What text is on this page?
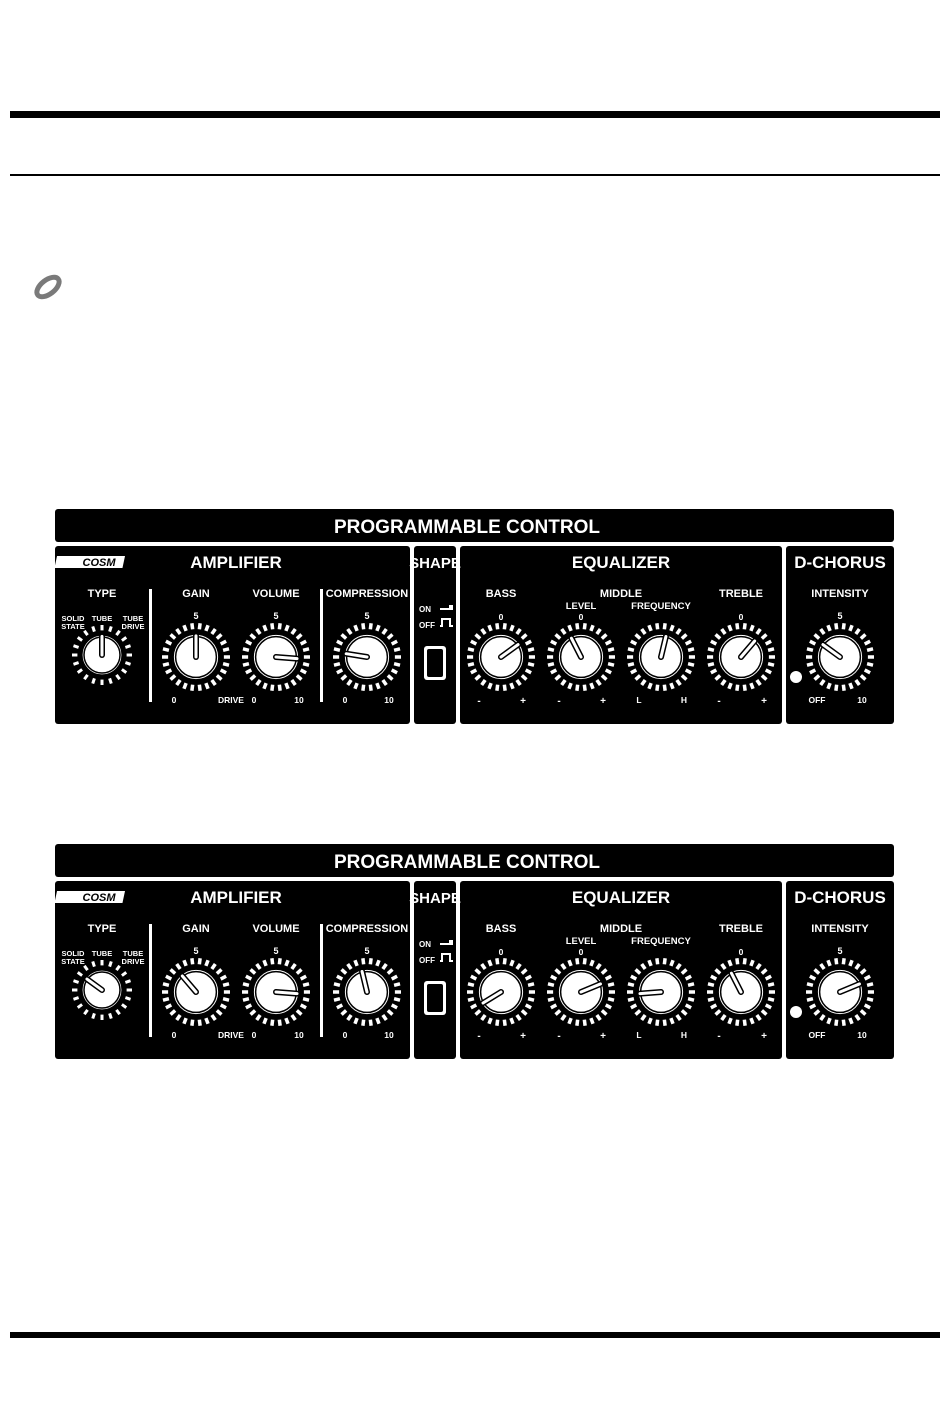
PROGRAMMABLE CONTROL
COSM	AMPLIFIER	SHAPE	EQUALIZER	D-CHORUS
TYPE
SOLID
STATE
TUBE TUBE
DRIVE
GAIN	VOLUME COMPRESSION
5	5	5
0	DRIVE 0	10	0	10
ON
OFF
BASS	MIDDLE
LEVEL	FREQUENCY
TREBLE
0	0	0
-	+	-	+	L	H	-	+
INTENSITY
5
OFF	10
PROGRAMMABLE CONTROL
COSM	AMPLIFIER	SHAPE	EQUALIZER	D-CHORUS
TYPE
SOLID
STATE
TUBE TUBE
DRIVE
GAIN	VOLUME COMPRESSION
5	5	5
0	DRIVE 0	10	0	10
ON
OFF
BASS	MIDDLE
LEVEL	FREQUENCY
TREBLE
0	0	0
-	+	-	+	L	H	-	+
INTENSITY
5
OFF	10
